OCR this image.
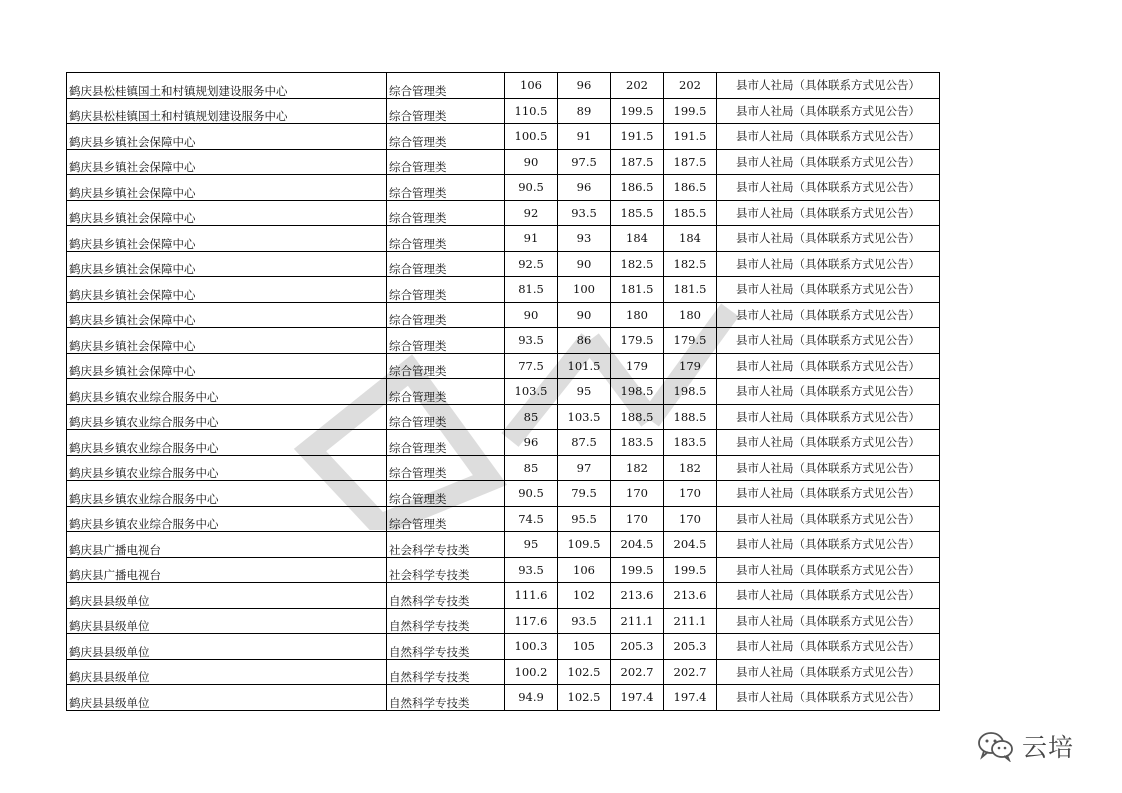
鹤庆县松桂镇国土和村镇规划建设服务中心	综合管理类	106	96	202	202	县市人社局（具体联系方式见公告）
鹤庆县松桂镇国土和村镇规划建设服务中心	综合管理类	110.5	89	199.5	199.5	县市人社局（具体联系方式见公告）
鹤庆县乡镇社会保障中心	综合管理类	100.5	91	191.5	191.5	县市人社局（具体联系方式见公告）
鹤庆县乡镇社会保障中心	综合管理类	90	97.5	187.5	187.5	县市人社局（具体联系方式见公告）
鹤庆县乡镇社会保障中心	综合管理类	90.5	96	186.5	186.5	县市人社局（具体联系方式见公告）
鹤庆县乡镇社会保障中心	综合管理类	92	93.5	185.5	185.5	县市人社局（具体联系方式见公告）
鹤庆县乡镇社会保障中心	综合管理类	91	93	184	184	县市人社局（具体联系方式见公告）
鹤庆县乡镇社会保障中心	综合管理类	92.5	90	182.5	182.5	县市人社局（具体联系方式见公告）
鹤庆县乡镇社会保障中心	综合管理类	81.5	100	181.5	181.5	县市人社局（具体联系方式见公告）
鹤庆县乡镇社会保障中心	综合管理类	90	90	180	180	县市人社局（具体联系方式见公告）
鹤庆县乡镇社会保障中心	综合管理类	93.5	86	179.5	179.5	县市人社局（具体联系方式见公告）
鹤庆县乡镇社会保障中心	综合管理类	77.5	101.5	179	179	县市人社局（具体联系方式见公告）
鹤庆县乡镇农业综合服务中心	综合管理类	103.5	95	198.5	198.5	县市人社局（具体联系方式见公告）
鹤庆县乡镇农业综合服务中心	综合管理类	85	103.5	188.5	188.5	县市人社局（具体联系方式见公告）
鹤庆县乡镇农业综合服务中心	综合管理类	96	87.5	183.5	183.5	县市人社局（具体联系方式见公告）
鹤庆县乡镇农业综合服务中心	综合管理类	85	97	182	182	县市人社局（具体联系方式见公告）
鹤庆县乡镇农业综合服务中心	综合管理类	90.5	79.5	170	170	县市人社局（具体联系方式见公告）
鹤庆县乡镇农业综合服务中心	综合管理类	74.5	95.5	170	170	县市人社局（具体联系方式见公告）
鹤庆县广播电视台	社会科学专技类	95	109.5	204.5	204.5	县市人社局（具体联系方式见公告）
鹤庆县广播电视台	社会科学专技类	93.5	106	199.5	199.5	县市人社局（具体联系方式见公告）
鹤庆县县级单位	自然科学专技类	111.6	102	213.6	213.6	县市人社局（具体联系方式见公告）
鹤庆县县级单位	自然科学专技类	117.6	93.5	211.1	211.1	县市人社局（具体联系方式见公告）
鹤庆县县级单位	自然科学专技类	100.3	105	205.3	205.3	县市人社局（具体联系方式见公告）
鹤庆县县级单位	自然科学专技类	100.2	102.5	202.7	202.7	县市人社局（具体联系方式见公告）
鹤庆县县级单位	自然科学专技类	94.9	102.5	197.4	197.4	县市人社局（具体联系方式见公告）
云培
